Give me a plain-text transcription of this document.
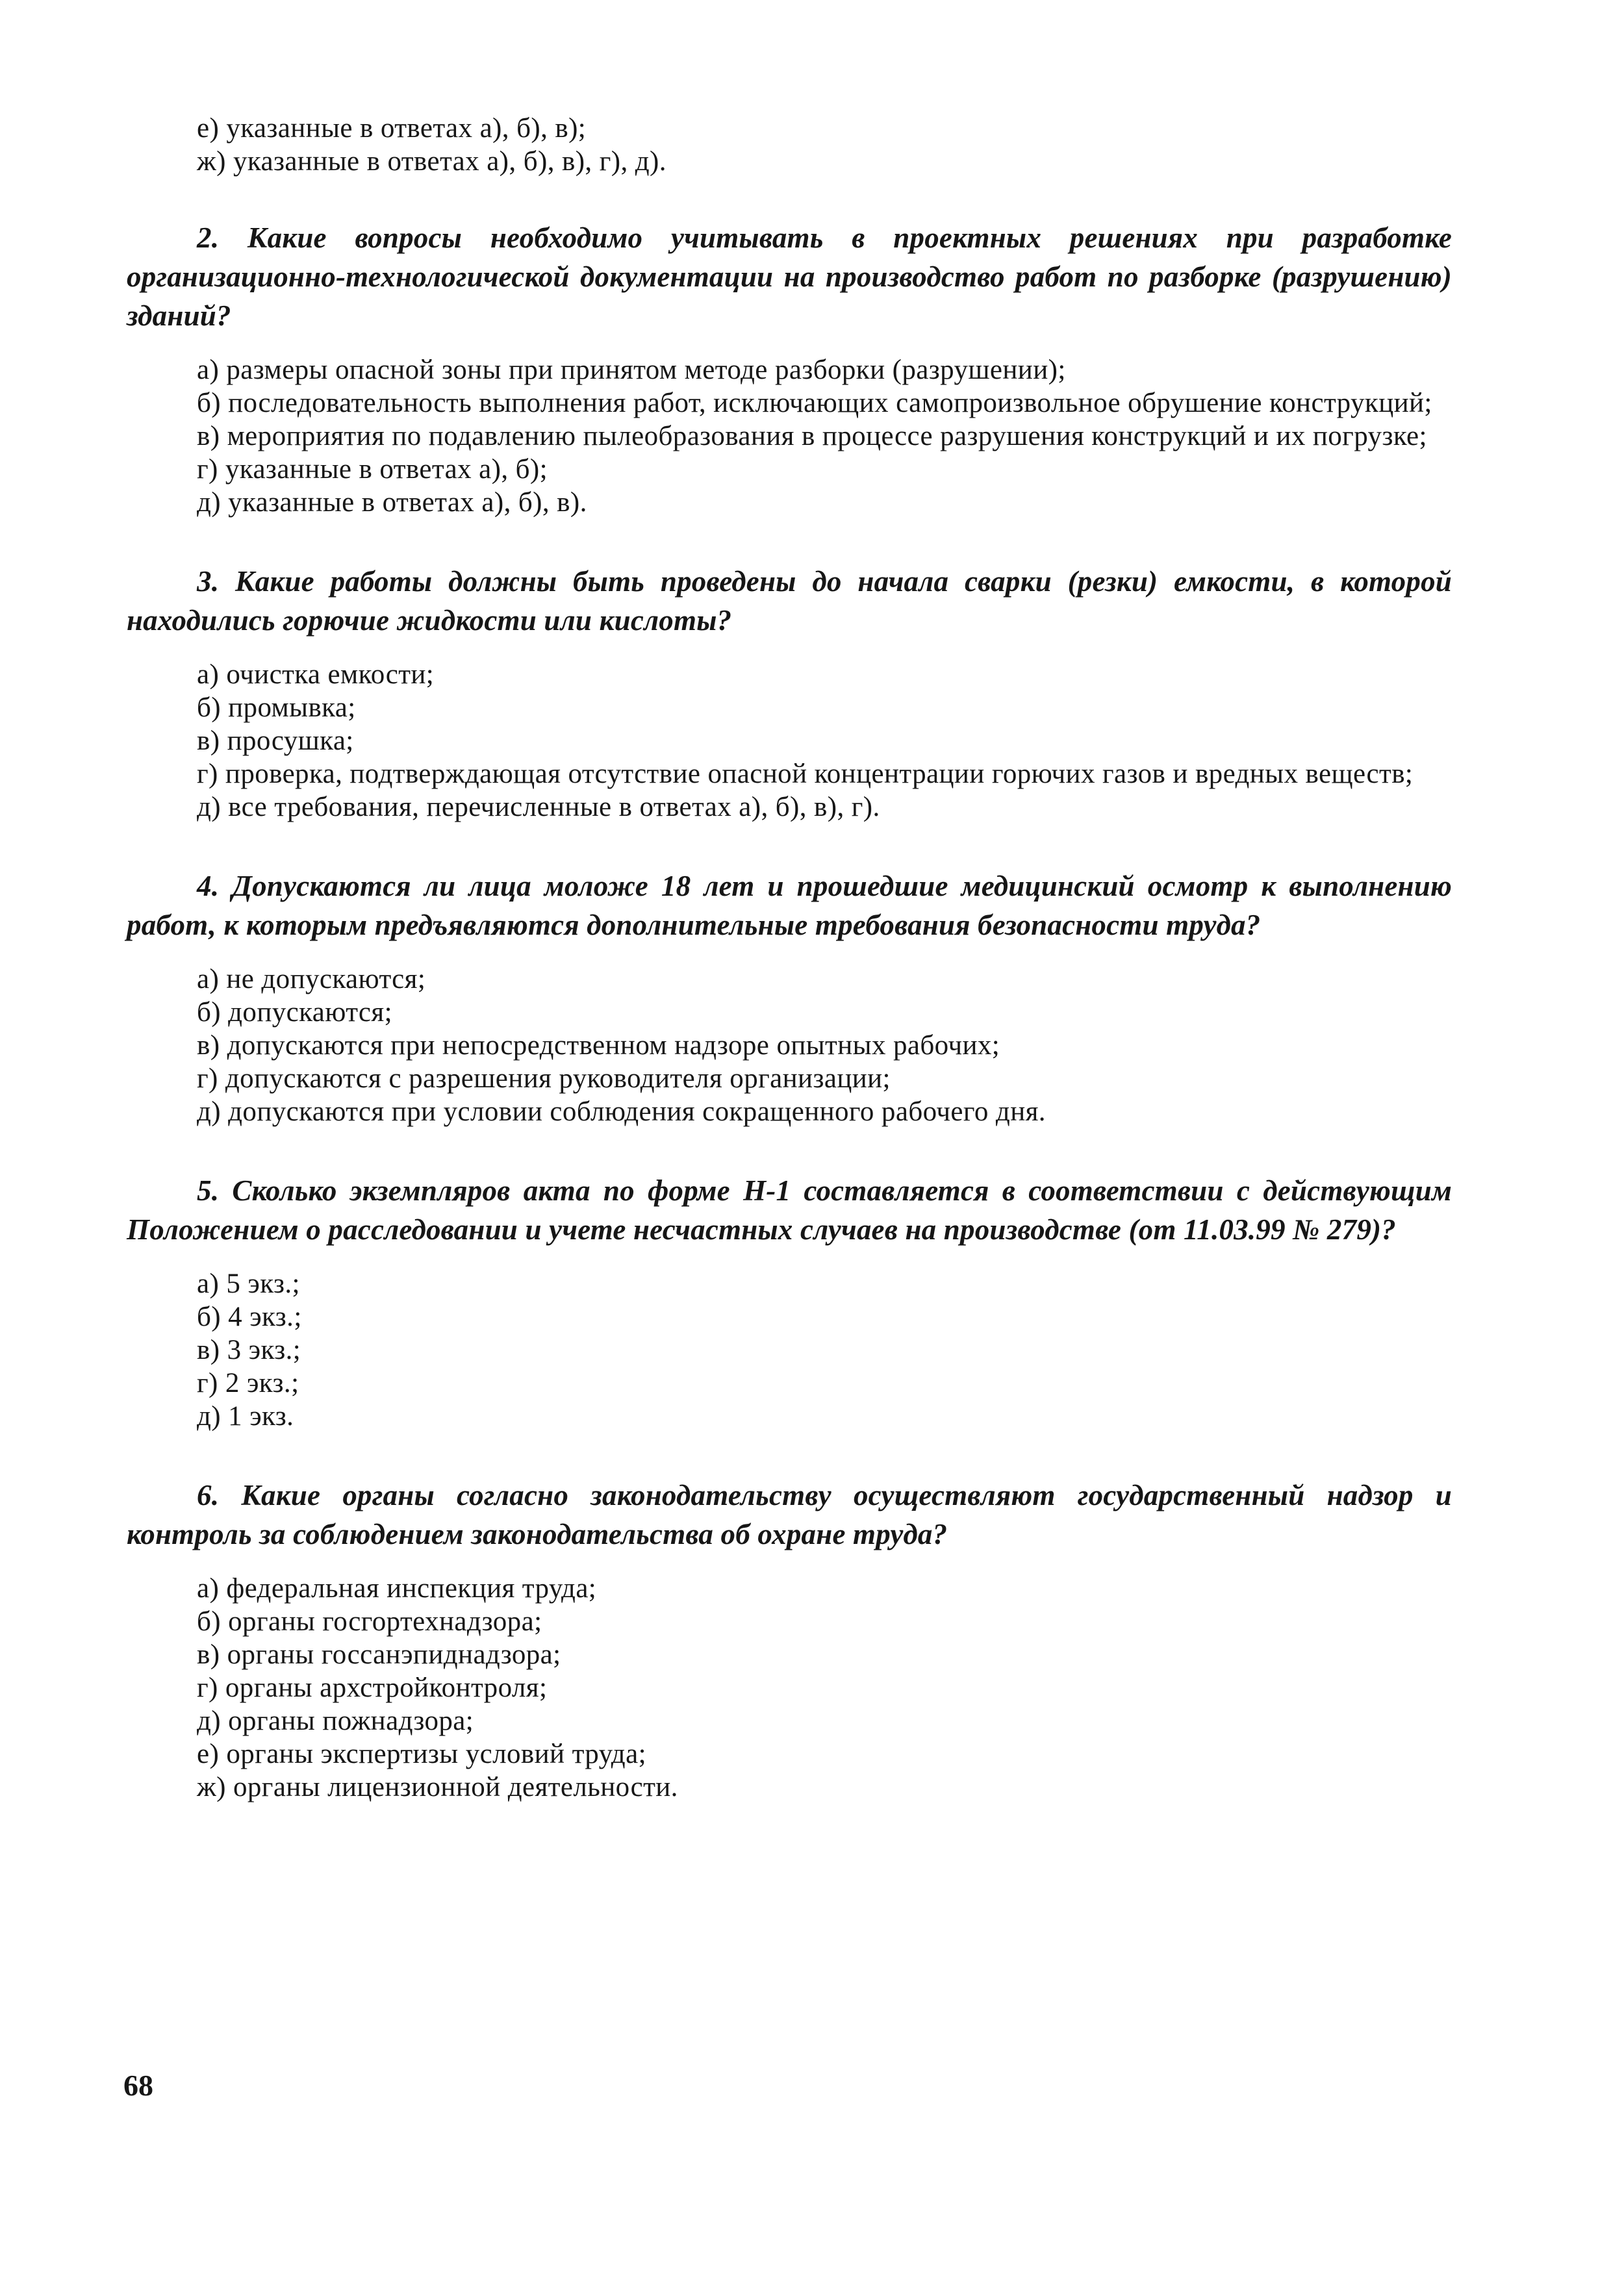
е) указанные в ответах а), б), в);
ж) указанные в ответах а), б), в), г), д).

2. Какие вопросы необходимо учитывать в проектных решениях при разработке организационно-технологической документации на производство работ по разборке (разрушению) зданий?

а) размеры опасной зоны при принятом методе разборки (разрушении);
б) последовательность выполнения работ, исключающих самопроизвольное обрушение конструкций;
в) мероприятия по подавлению пылеобразования в процессе разрушения конструкций и их погрузке;
г) указанные в ответах а), б);
д) указанные в ответах а), б), в).

3. Какие работы должны быть проведены до начала сварки (резки) емкости, в которой находились горючие жидкости или кислоты?

а) очистка емкости;
б) промывка;
в) просушка;
г) проверка, подтверждающая отсутствие опасной концентрации горючих газов и вредных веществ;
д) все требования, перечисленные в ответах а), б), в), г).

4. Допускаются ли лица моложе 18 лет и прошедшие медицинский осмотр к выполнению работ, к которым предъявляются дополнительные требования безопасности труда?

а) не допускаются;
б) допускаются;
в) допускаются при непосредственном надзоре опытных рабочих;
г) допускаются с разрешения руководителя организации;
д) допускаются при условии соблюдения сокращенного рабочего дня.

5. Сколько экземпляров акта по форме Н-1 составляется в соответствии с действующим Положением о расследовании и учете несчастных случаев на производстве (от 11.03.99 № 279)?

а) 5 экз.;
б) 4 экз.;
в) 3 экз.;
г) 2 экз.;
д) 1 экз.

6. Какие органы согласно законодательству осуществляют государственный надзор и контроль за соблюдением законодательства об охране труда?

а) федеральная инспекция труда;
б) органы госгортехнадзора;
в) органы госсанэпиднадзора;
г) органы архстройконтроля;
д) органы пожнадзора;
е) органы экспертизы условий труда;
ж) органы лицензионной деятельности.
68
